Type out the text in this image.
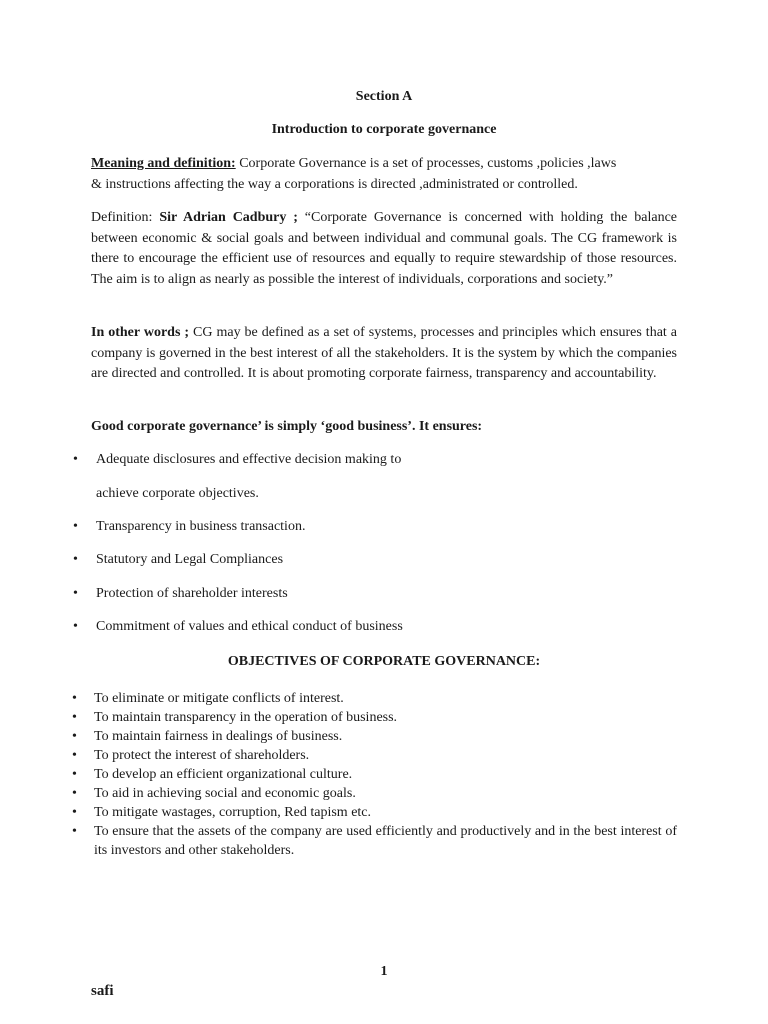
Section A
Introduction to corporate governance

Meaning and definition: Corporate Governance is a set of processes, customs ,policies ,laws

& instructions affecting the way a corporations is directed ,administrated or controlled.

Definition: Sir Adrian Cadbury ; “Corporate Governance is concerned with holding the balance between economic & social goals and between individual and communal goals. The CG framework is there to encourage the efficient use of resources and equally to require stewardship of those resources. The aim is to align as nearly as possible the interest of individuals, corporations and society.”

In other words ; CG may be defined as a set of systems, processes and principles which ensures that a company is governed in the best interest of all the stakeholders. It is the system by which the companies are directed and controlled. It is about promoting corporate fairness, transparency and accountability.

Good corporate governance’ is simply ‘good business’. It ensures:
• Adequate disclosures and effective decision making to
achieve corporate objectives.
• Transparency in business transaction.
• Statutory and Legal Compliances
• Protection of shareholder interests
• Commitment of values and ethical conduct of business
OBJECTIVES OF CORPORATE GOVERNANCE:
• To eliminate or mitigate conflicts of interest.
• To maintain transparency in the operation of business.
• To maintain fairness in dealings of business.
• To protect the interest of shareholders.
• To develop an efficient organizational culture.
• To aid in achieving social and economic goals.
• To mitigate wastages, corruption, Red tapism etc.
• To ensure that the assets of the company are used efficiently and productively and in the best interest of its investors and other stakeholders.
1
safi
